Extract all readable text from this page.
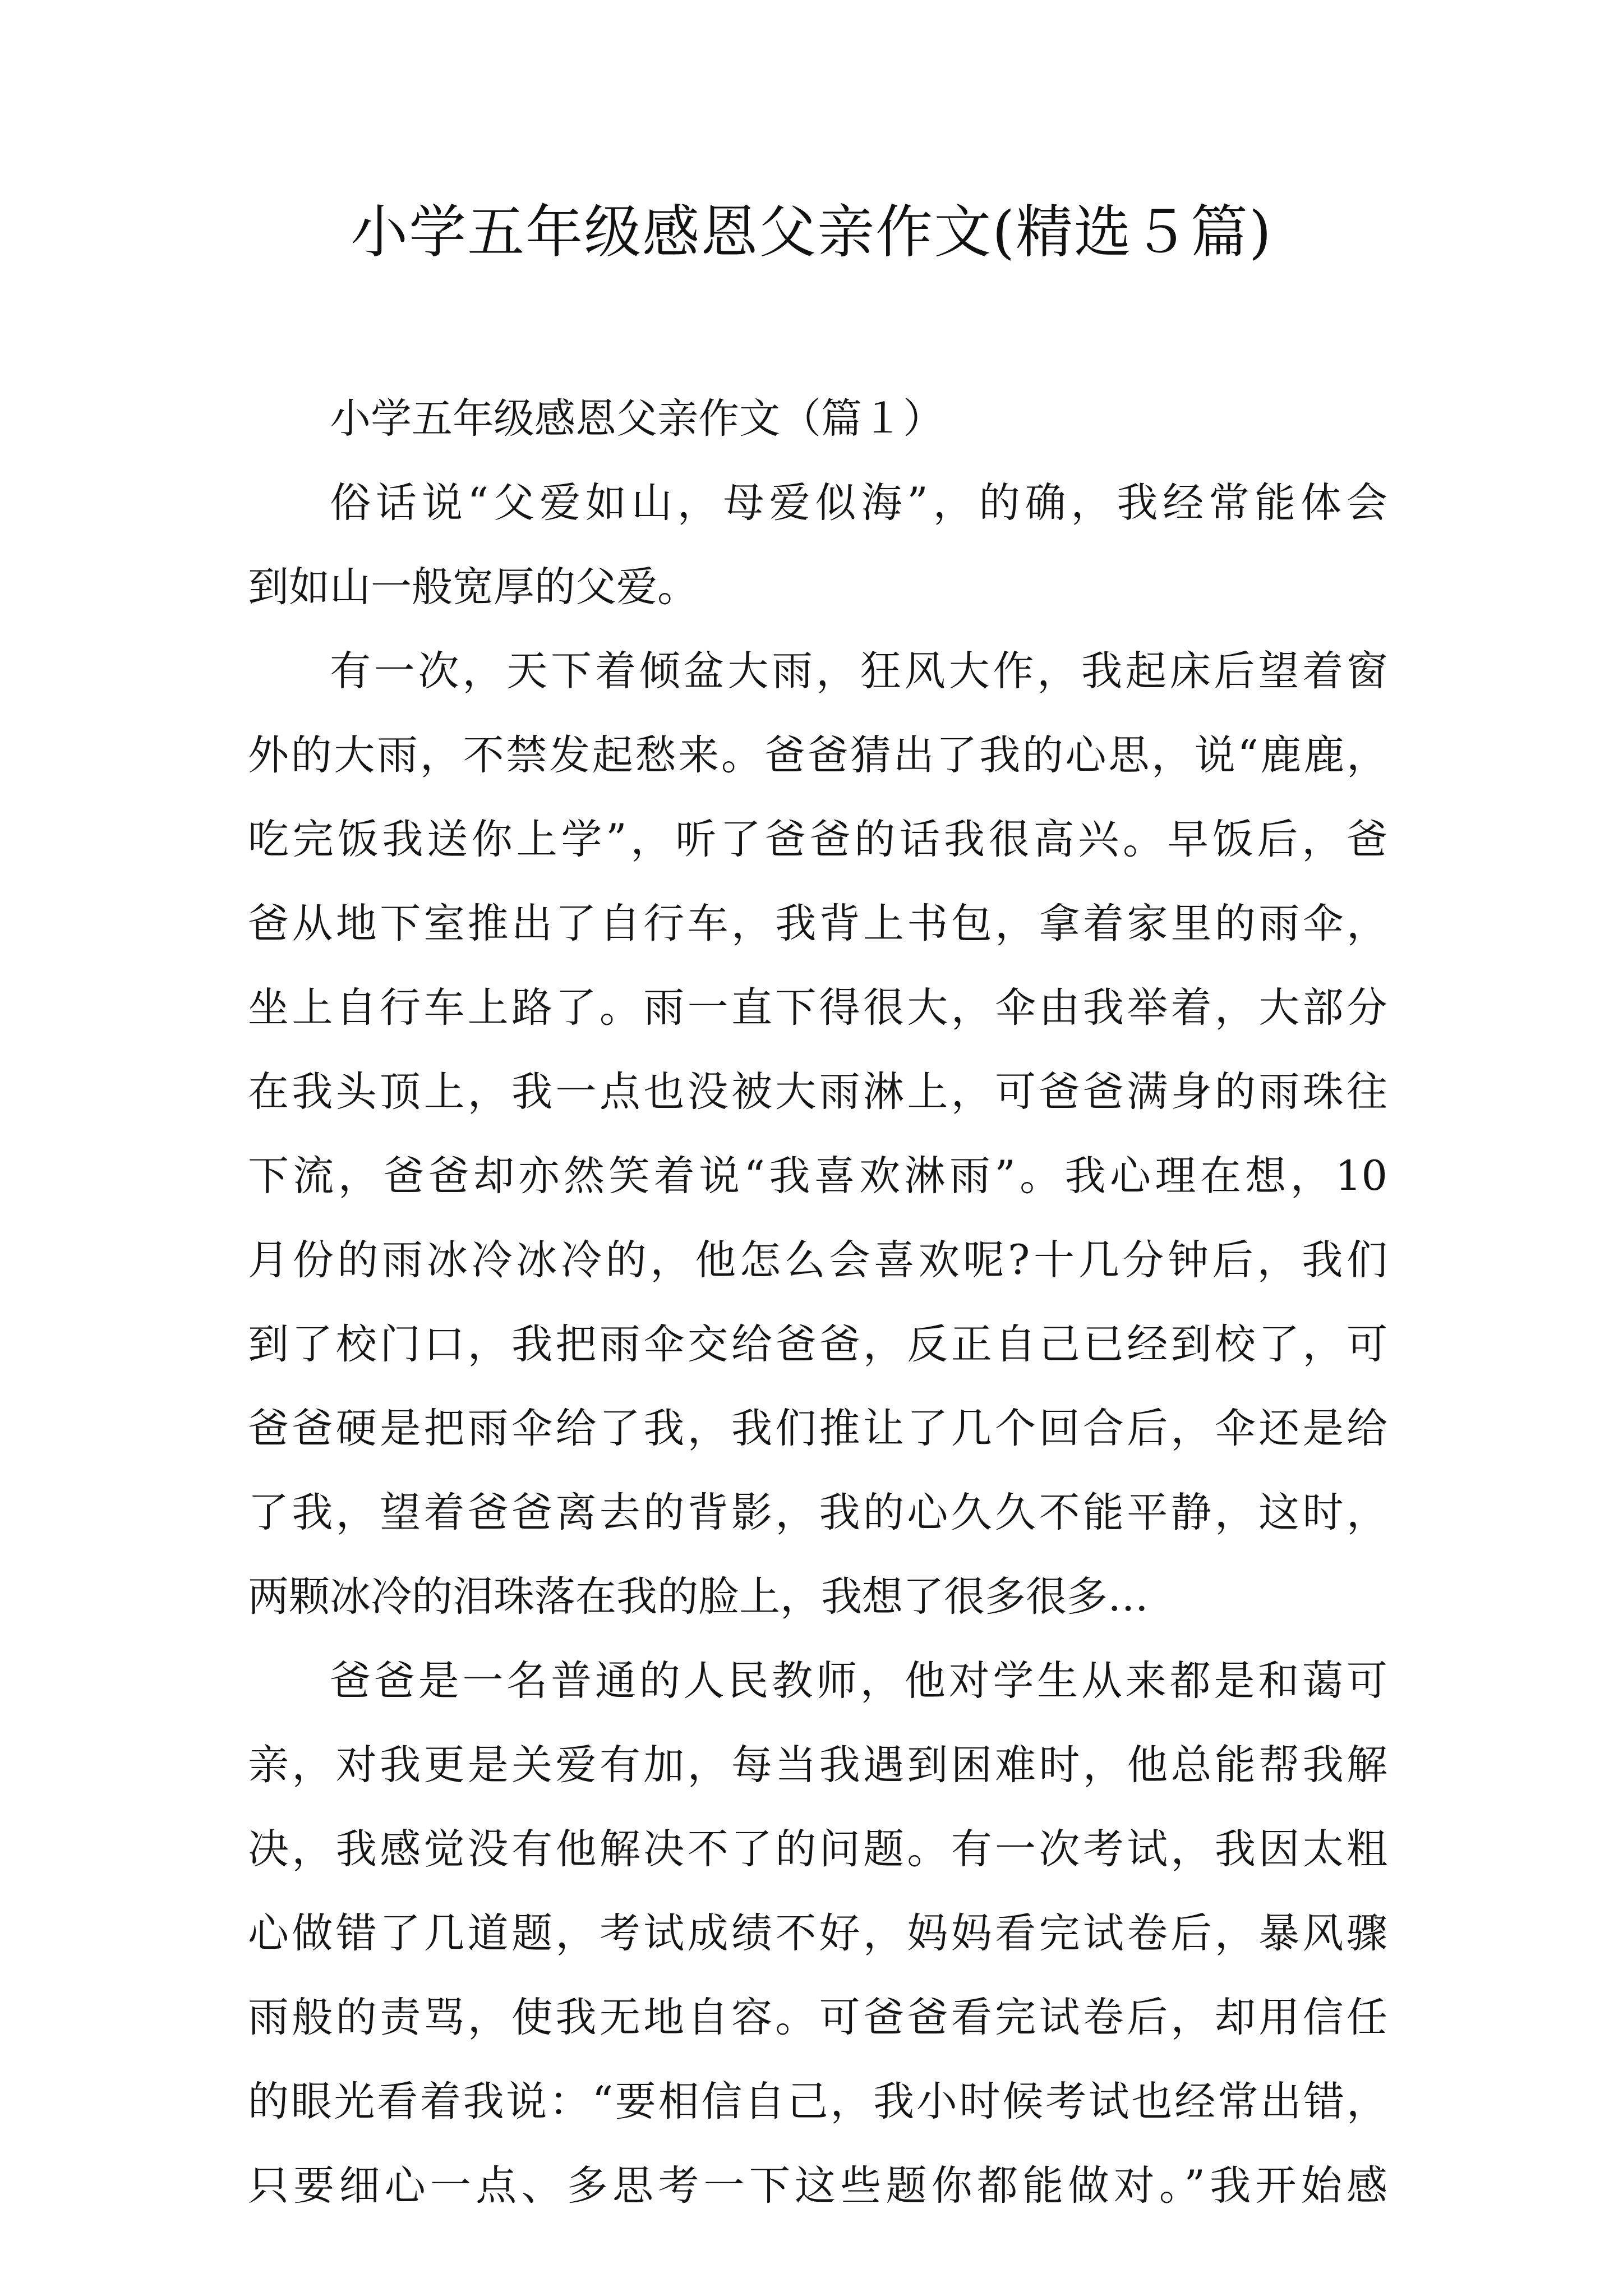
小学五年级感恩父亲作文(精选５篇)
小学五年级感恩父亲作文（篇１）
俗话说“父爱如山，母爱似海”，的确，我经常能体会
到如山一般宽厚的父爱。
有一次，天下着倾盆大雨，狂风大作，我起床后望着窗
外的大雨，不禁发起愁来。爸爸猜出了我的心思，说“鹿鹿，
吃完饭我送你上学”，听了爸爸的话我很高兴。早饭后，爸
爸从地下室推出了自行车，我背上书包，拿着家里的雨伞，
坐上自行车上路了。雨一直下得很大，伞由我举着，大部分
在我头顶上，我一点也没被大雨淋上，可爸爸满身的雨珠往
下流，爸爸却亦然笑着说“我喜欢淋雨”。我心理在想，10
月份的雨冰冷冰冷的，他怎么会喜欢呢?十几分钟后，我们
到了校门口，我把雨伞交给爸爸，反正自己已经到校了，可
爸爸硬是把雨伞给了我，我们推让了几个回合后，伞还是给
了我，望着爸爸离去的背影，我的心久久不能平静，这时，
两颗冰冷的泪珠落在我的脸上，我想了很多很多…
爸爸是一名普通的人民教师，他对学生从来都是和蔼可
亲，对我更是关爱有加，每当我遇到困难时，他总能帮我解
决，我感觉没有他解决不了的问题。有一次考试，我因太粗
心做错了几道题，考试成绩不好，妈妈看完试卷后，暴风骤
雨般的责骂，使我无地自容。可爸爸看完试卷后，却用信任
的眼光看着我说：“要相信自己，我小时候考试也经常出错，
只要细心一点、多思考一下这些题你都能做对。”我开始感
